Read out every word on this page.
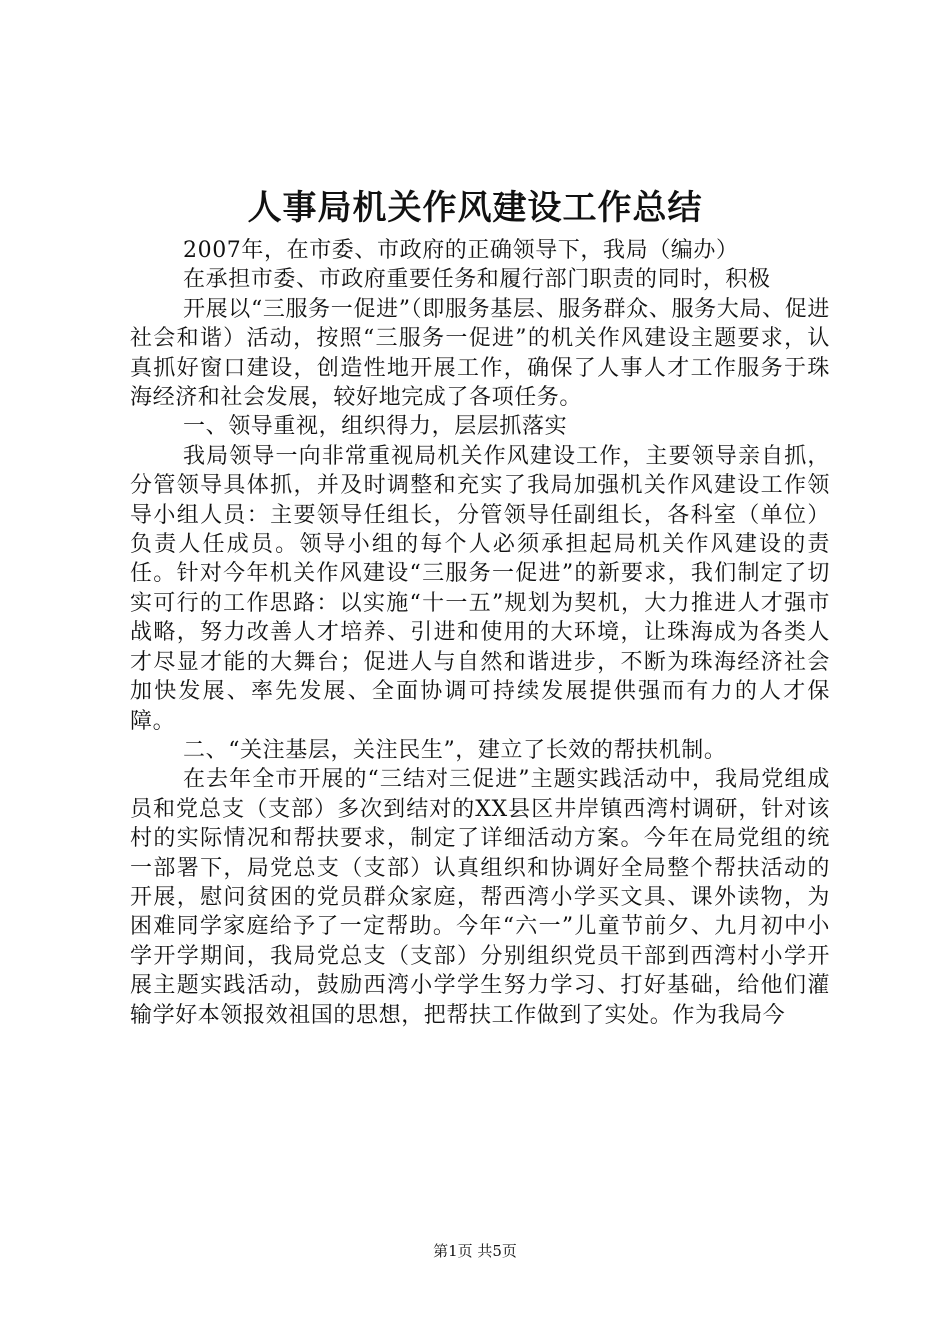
人事局机关作风建设工作总结

2007年，在市委、市政府的正确领导下，我局（编办）

在承担市委、市政府重要任务和履行部门职责的同时，积极

开展以“三服务一促进”（即服务基层、服务群众、服务大局、促进社会和谐）活动，按照“三服务一促进”的机关作风建设主题要求，认真抓好窗口建设，创造性地开展工作，确保了人事人才工作服务于珠海经济和社会发展，较好地完成了各项任务。

一、领导重视，组织得力，层层抓落实

我局领导一向非常重视局机关作风建设工作，主要领导亲自抓，分管领导具体抓，并及时调整和充实了我局加强机关作风建设工作领导小组人员：主要领导任组长，分管领导任副组长，各科室（单位）负责人任成员。领导小组的每个人必须承担起局机关作风建设的责任。针对今年机关作风建设“三服务一促进”的新要求，我们制定了切实可行的工作思路：以实施“十一五”规划为契机，大力推进人才强市战略，努力改善人才培养、引进和使用的大环境，让珠海成为各类人才尽显才能的大舞台；促进人与自然和谐进步，不断为珠海经济社会加快发展、率先发展、全面协调可持续发展提供强而有力的人才保障。

二、“关注基层，关注民生”，建立了长效的帮扶机制。

在去年全市开展的“三结对三促进”主题实践活动中，我局党组成员和党总支（支部）多次到结对的XX县区井岸镇西湾村调研，针对该村的实际情况和帮扶要求，制定了详细活动方案。今年在局党组的统一部署下，局党总支（支部）认真组织和协调好全局整个帮扶活动的开展，慰问贫困的党员群众家庭，帮西湾小学买文具、课外读物，为困难同学家庭给予了一定帮助。今年“六一”儿童节前夕、九月初中小学开学期间，我局党总支（支部）分别组织党员干部到西湾村小学开展主题实践活动，鼓励西湾小学学生努力学习、打好基础，给他们灌输学好本领报效祖国的思想，把帮扶工作做到了实处。作为我局今

第1页 共5页
